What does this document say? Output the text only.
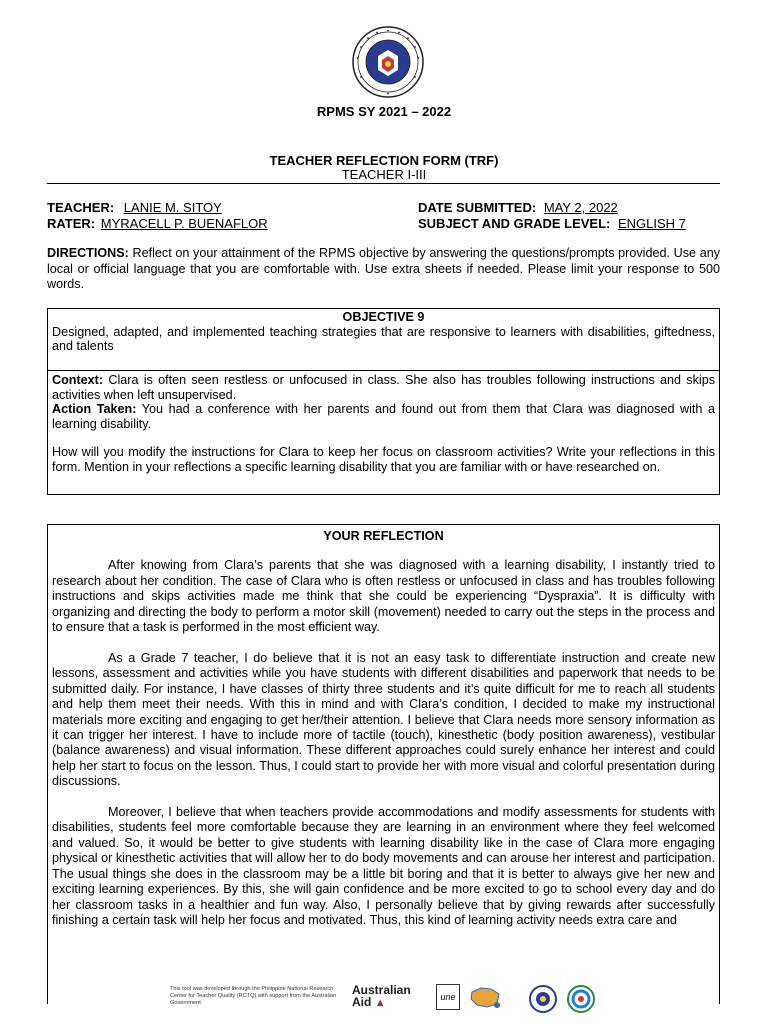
RPMS SY 2021 – 2022
TEACHER REFLECTION FORM (TRF)
TEACHER I-III
TEACHER: LANIE M. SITOY
RATER: MYRACELL P. BUENAFLOR
DATE SUBMITTED: MAY 2, 2022
SUBJECT AND GRADE LEVEL: ENGLISH 7
DIRECTIONS: Reflect on your attainment of the RPMS objective by answering the questions/prompts provided. Use any local or official language that you are comfortable with. Use extra sheets if needed. Please limit your response to 500 words.
OBJECTIVE 9

Designed, adapted, and implemented teaching strategies that are responsive to learners with disabilities, giftedness, and talents

Context: Clara is often seen restless or unfocused in class. She also has troubles following instructions and skips activities when left unsupervised.

Action Taken: You had a conference with her parents and found out from them that Clara was diagnosed with a learning disability.

How will you modify the instructions for Clara to keep her focus on classroom activities? Write your reflections in this form. Mention in your reflections a specific learning disability that you are familiar with or have researched on.

YOUR REFLECTION

After knowing from Clara’s parents that she was diagnosed with a learning disability, I instantly tried to research about her condition. The case of Clara who is often restless or unfocused in class and has troubles following instructions and skips activities made me think that she could be experiencing “Dyspraxia”. It is difficulty with organizing and directing the body to perform a motor skill (movement) needed to carry out the steps in the process and to ensure that a task is performed in the most efficient way.

As a Grade 7 teacher, I do believe that it is not an easy task to differentiate instruction and create new lessons, assessment and activities while you have students with different disabilities and paperwork that needs to be submitted daily. For instance, I have classes of thirty three students and it’s quite difficult for me to reach all students and help them meet their needs. With this in mind and with Clara’s condition, I decided to make my instructional materials more exciting and engaging to get her/their attention. I believe that Clara needs more sensory information as it can trigger her interest. I have to include more of tactile (touch), kinesthetic (body position awareness), vestibular (balance awareness) and visual information. These different approaches could surely enhance her interest and could help her start to focus on the lesson. Thus, I could start to provide her with more visual and colorful presentation during discussions.

Moreover, I believe that when teachers provide accommodations and modify assessments for students with disabilities, students feel more comfortable because they are learning in an environment where they feel welcomed and valued. So, it would be better to give students with learning disability like in the case of Clara more engaging physical or kinesthetic activities that will allow her to do body movements and can arouse her interest and participation. The usual things she does in the classroom may be a little bit boring and that it is better to always give her new and exciting learning experiences. By this, she will gain confidence and be more excited to go to school every day and do her classroom tasks in a healthier and fun way. Also, I personally believe that by giving rewards after successfully finishing a certain task will help her focus and motivated. Thus, this kind of learning activity needs extra care and

This tool was developed through the Philippine National Research Center for Teacher Quality (RCTQ) with support from the Australian Government
Australian
Aid ▲	une
